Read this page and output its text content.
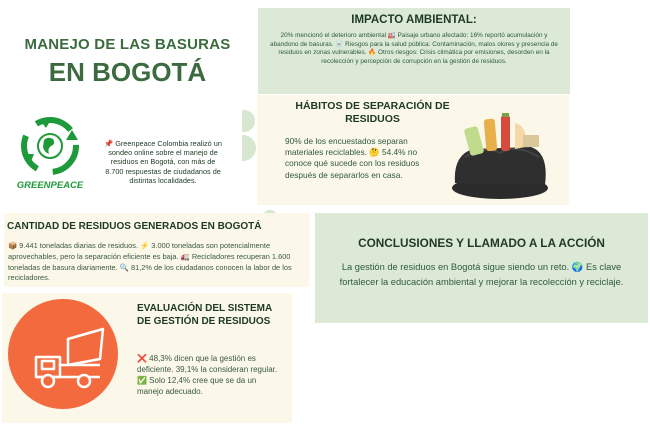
MANEJO DE LAS BASURAS
EN BOGOTÁ
IMPACTO AMBIENTAL:
20% mencionó el deterioro ambiental 🏭 Paisaje urbano afectado: 16% reportó acumulación y abandono de basuras. ☠️ Riesgos para la salud pública: Contaminación, malos olores y presencia de residuos en zonas vulnerables. 🔥 Otros riesgos: Crisis climática por emisiones, desorden en la recolección y percepción de corrupción en la gestión de residuos.
GREENPEACE
📌 Greenpeace Colombia realizó un sondeo online sobre el manejo de residuos en Bogotá, con más de 8.700 respuestas de ciudadanos de distintas localidades.
HÁBITOS DE SEPARACIÓN DE RESIDUOS
90% de los encuestados separan materiales reciclables. 🤔 54.4% no conoce qué sucede con los residuos después de separarlos en casa.
CANTIDAD DE RESIDUOS GENERADOS EN BOGOTÁ
📦 9.441 toneladas diarias de residuos. ⚡ 3.000 toneladas son potencialmente aprovechables, pero la separación eficiente es baja. 🚛 Recicladores recuperan 1.600 toneladas de basura diariamente. 🔍 81,2% de los ciudadanos conocen la labor de los recicladores.
CONCLUSIONES Y LLAMADO A LA ACCIÓN
La gestión de residuos en Bogotá sigue siendo un reto. 🌍 Es clave fortalecer la educación ambiental y mejorar la recolección y reciclaje.
EVALUACIÓN DEL SISTEMA DE GESTIÓN DE RESIDUOS
❌ 48,3% dicen que la gestión es deficiente. 39,1% la consideran regular. ✅ Solo 12,4% cree que se da un manejo adecuado.
